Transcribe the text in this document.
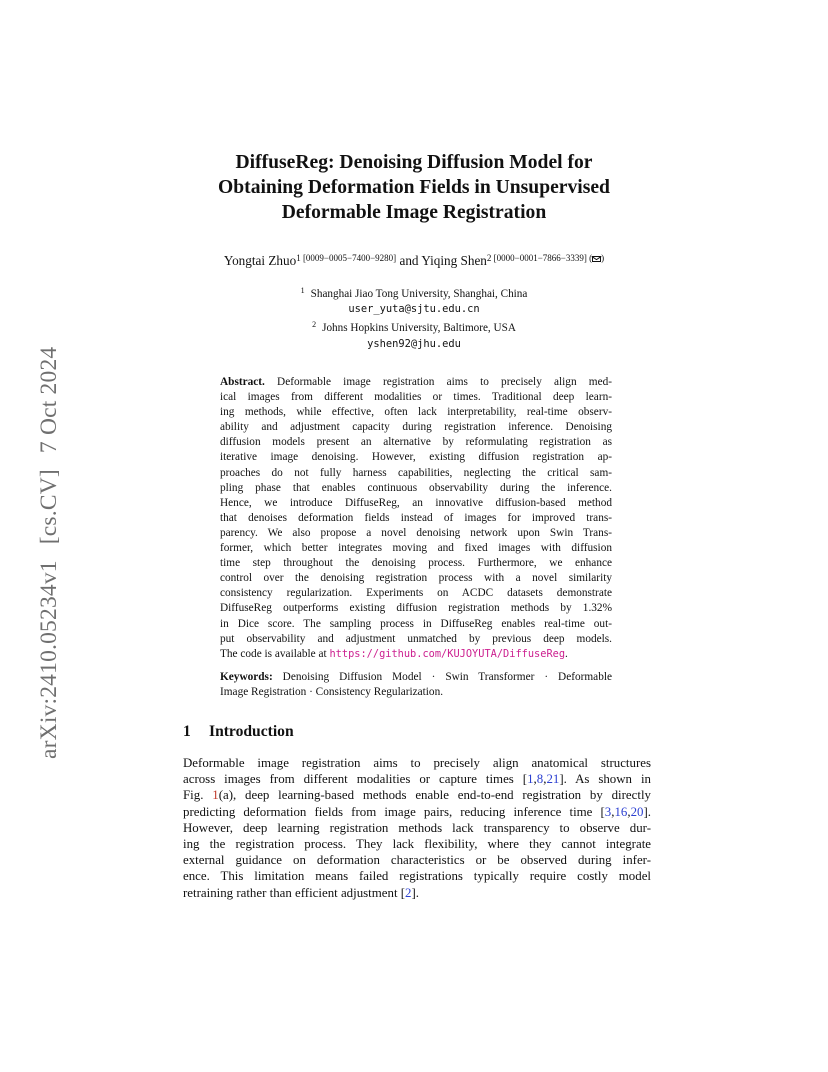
arXiv:2410.05234v1[cs.CV]7 Oct 2024
DiffuseReg: Denoising Diffusion Model for
Obtaining Deformation Fields in Unsupervised
Deformable Image Registration
Yongtai Zhuo$^{1 [0009-0005-7400-9280]}$ and Yiqing Shen$^{2 [0000-0001-7866-3339] ( )}$
$^1$ Shanghai Jiao Tong University, Shanghai, China
user_yuta@sjtu.edu.cn
$^2$ Johns Hopkins University, Baltimore, USA
yshen92@jhu.edu
Abstract. Deformable image registration aims to precisely align med-
ical images from different modalities or times. Traditional deep learn-
ing methods, while effective, often lack interpretability, real-time observ-
ability and adjustment capacity during registration inference. Denoising
diffusion models present an alternative by reformulating registration as
iterative image denoising. However, existing diffusion registration ap-
proaches do not fully harness capabilities, neglecting the critical sam-
pling phase that enables continuous observability during the inference.
Hence, we introduce DiffuseReg, an innovative diffusion-based method
that denoises deformation fields instead of images for improved trans-
parency. We also propose a novel denoising network upon Swin Trans-
former, which better integrates moving and fixed images with diffusion
time step throughout the denoising process. Furthermore, we enhance
control over the denoising registration process with a novel similarity
consistency regularization. Experiments on ACDC datasets demonstrate
DiffuseReg outperforms existing diffusion registration methods by 1.32%
in Dice score. The sampling process in DiffuseReg enables real-time out-
put observability and adjustment unmatched by previous deep models.
The code is available at https://github.com/KUJOYUTA/DiffuseReg.
Keywords: Denoising Diffusion Model · Swin Transformer · Deformable
Image Registration · Consistency Regularization.
1 Introduction
Deformable image registration aims to precisely align anatomical structures
across images from different modalities or capture times [1,8,21]. As shown in
Fig. 1(a), deep learning-based methods enable end-to-end registration by directly
predicting deformation fields from image pairs, reducing inference time [3,16,20].
However, deep learning registration methods lack transparency to observe dur-
ing the registration process. They lack flexibility, where they cannot integrate
external guidance on deformation characteristics or be observed during infer-
ence. This limitation means failed registrations typically require costly model
retraining rather than efficient adjustment [2].
